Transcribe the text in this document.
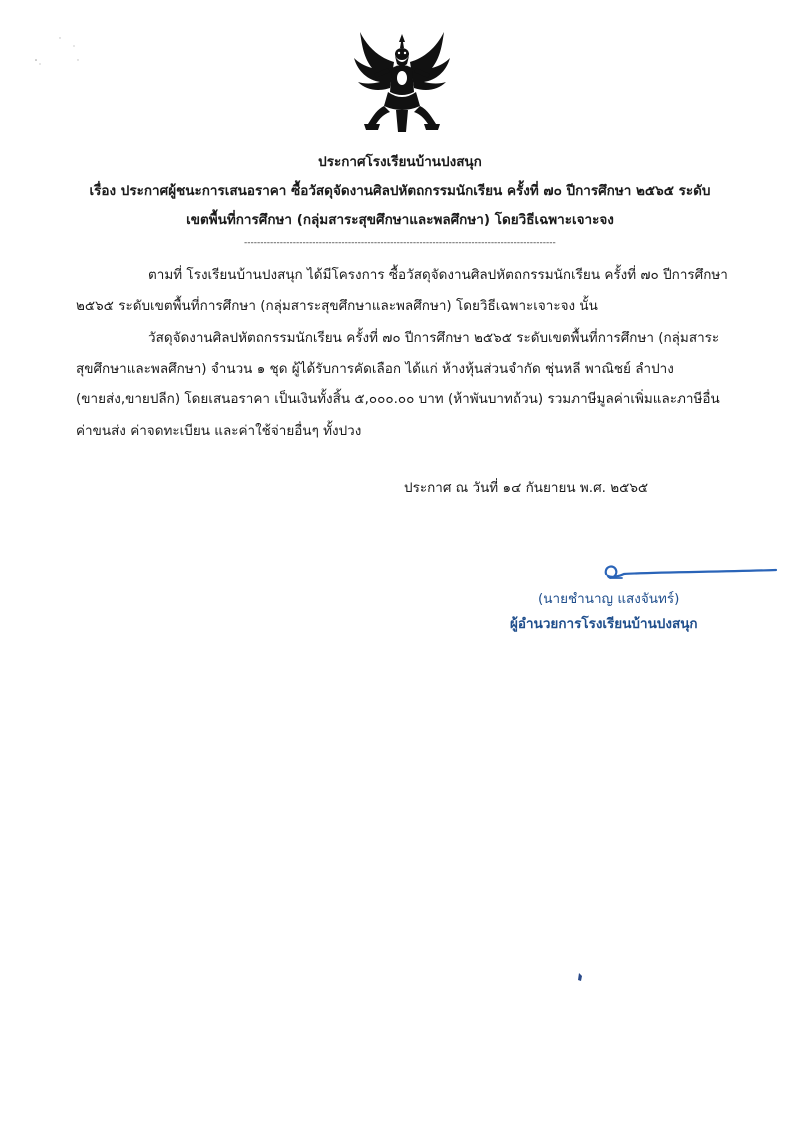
ประกาศโรงเรียนบ้านปงสนุก
เรื่อง ประกาศผู้ชนะการเสนอราคา ซื้อวัสดุจัดงานศิลปหัตถกรรมนักเรียน ครั้งที่ ๗๐ ปีการศึกษา ๒๕๖๕ ระดับ
เขตพื้นที่การศึกษา (กลุ่มสาระสุขศึกษาและพลศึกษา) โดยวิธีเฉพาะเจาะจง
------------------------------------------------------------------------------------------------
ตามที่ โรงเรียนบ้านปงสนุก ได้มีโครงการ ซื้อวัสดุจัดงานศิลปหัตถกรรมนักเรียน ครั้งที่ ๗๐ ปีการศึกษา
๒๕๖๕ ระดับเขตพื้นที่การศึกษา (กลุ่มสาระสุขศึกษาและพลศึกษา) โดยวิธีเฉพาะเจาะจง นั้น
วัสดุจัดงานศิลปหัตถกรรมนักเรียน ครั้งที่ ๗๐ ปีการศึกษา ๒๕๖๕ ระดับเขตพื้นที่การศึกษา (กลุ่มสาระ
สุขศึกษาและพลศึกษา) จำนวน ๑ ชุด ผู้ได้รับการคัดเลือก ได้แก่ ห้างหุ้นส่วนจำกัด ชุ่นหลี พาณิชย์ ลำปาง
(ขายส่ง,ขายปลีก) โดยเสนอราคา เป็นเงินทั้งสิ้น ๕,๐๐๐.๐๐ บาท (ห้าพันบาทถ้วน) รวมภาษีมูลค่าเพิ่มและภาษีอื่น
ค่าขนส่ง ค่าจดทะเบียน และค่าใช้จ่ายอื่นๆ ทั้งปวง
ประกาศ ณ วันที่ ๑๔ กันยายน พ.ศ. ๒๕๖๕
(นายชำนาญ แสงจันทร์)
ผู้อำนวยการโรงเรียนบ้านปงสนุก
